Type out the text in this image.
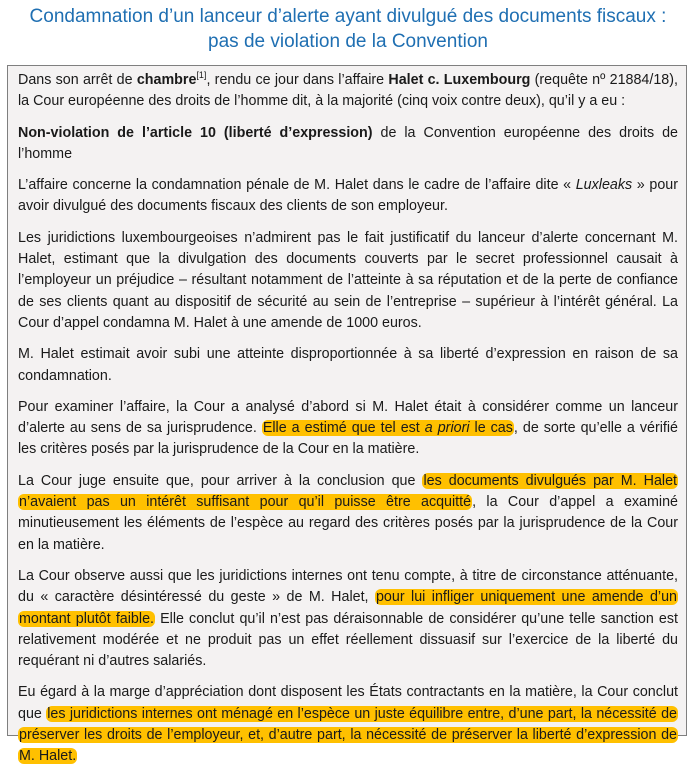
Condamnation d’un lanceur d’alerte ayant divulgué des documents fiscaux :
pas de violation de la Convention

Dans son arrêt de chambre[1], rendu ce jour dans l’affaire Halet c. Luxembourg (requête nº 21884/18), la Cour européenne des droits de l’homme dit, à la majorité (cinq voix contre deux), qu’il y a eu :

Non-violation de l’article 10 (liberté d’expression) de la Convention européenne des droits de l’homme

L’affaire concerne la condamnation pénale de M. Halet dans le cadre de l’affaire dite « Luxleaks » pour avoir divulgué des documents fiscaux des clients de son employeur.

Les juridictions luxembourgeoises n’admirent pas le fait justificatif du lanceur d’alerte concernant M. Halet, estimant que la divulgation des documents couverts par le secret professionnel causait à l’employeur un préjudice – résultant notamment de l’atteinte à sa réputation et de la perte de confiance de ses clients quant au dispositif de sécurité au sein de l’entreprise – supérieur à l’intérêt général. La Cour d’appel condamna M. Halet à une amende de 1000 euros.

M. Halet estimait avoir subi une atteinte disproportionnée à sa liberté d’expression en raison de sa condamnation.

Pour examiner l’affaire, la Cour a analysé d’abord si M. Halet était à considérer comme un lanceur d’alerte au sens de sa jurisprudence. Elle a estimé que tel est a priori le cas, de sorte qu’elle a vérifié les critères posés par la jurisprudence de la Cour en la matière.

La Cour juge ensuite que, pour arriver à la conclusion que les documents divulgués par M. Halet n’avaient pas un intérêt suffisant pour qu’il puisse être acquitté, la Cour d’appel a examiné minutieusement les éléments de l’espèce au regard des critères posés par la jurisprudence de la Cour en la matière.

La Cour observe aussi que les juridictions internes ont tenu compte, à titre de circonstance atténuante, du « caractère désintéressé du geste » de M. Halet, pour lui infliger uniquement une amende d’un montant plutôt faible. Elle conclut qu’il n’est pas déraisonnable de considérer qu’une telle sanction est relativement modérée et ne produit pas un effet réellement dissuasif sur l’exercice de la liberté du requérant ni d’autres salariés.

Eu égard à la marge d’appréciation dont disposent les États contractants en la matière, la Cour conclut que les juridictions internes ont ménagé en l’espèce un juste équilibre entre, d’une part, la nécessité de préserver les droits de l’employeur, et, d’autre part, la nécessité de préserver la liberté d’expression de M. Halet.
